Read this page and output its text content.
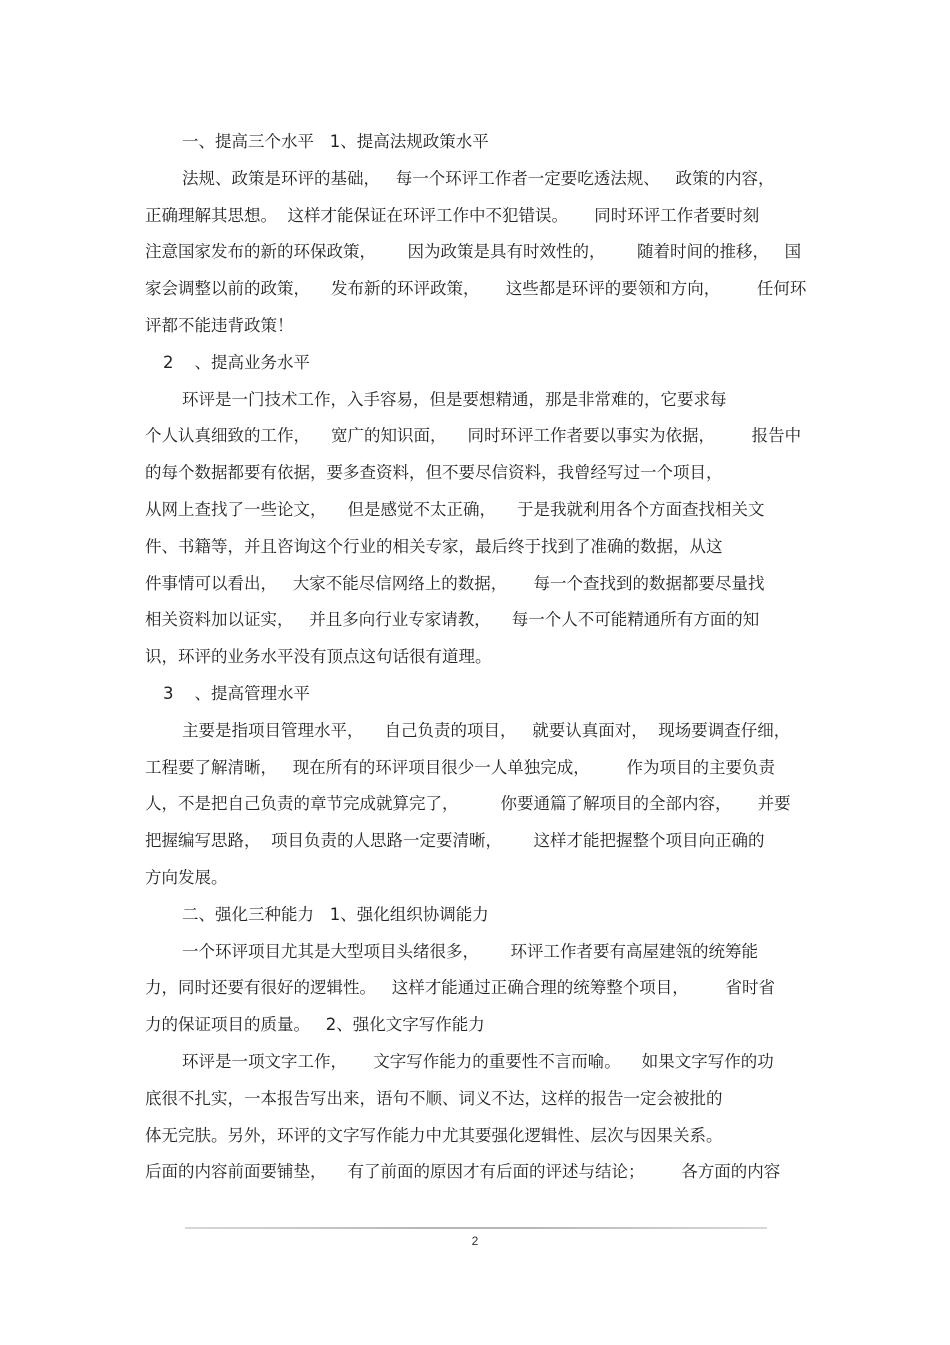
一、提高三个水平   1、提高法规政策水平
法规、政策是环评的基础，   每一个环评工作者一定要吃透法规、   政策的内容，
正确理解其思想。  这样才能保证在环评工作中不犯错误。     同时环评工作者要时刻
注意国家发布的新的环保政策，      因为政策是具有时效性的，      随着时间的推移，   国
家会调整以前的政策，    发布新的环评政策，     这些都是环评的要领和方向，       任何环
评都不能违背政策！
2    、提高业务水平
环评是一门技术工作，入手容易，但是要想精通，那是非常难的，它要求每
个人认真细致的工作，    宽广的知识面，    同时环评工作者要以事实为依据，       报告中
的每个数据都要有依据，要多查资料，但不要尽信资料，我曾经写过一个项目，
从网上查找了一些论文，    但是感觉不太正确，    于是我就利用各个方面查找相关文
件、书籍等，并且咨询这个行业的相关专家，最后终于找到了准确的数据，从这
件事情可以看出，   大家不能尽信网络上的数据，     每一个查找到的数据都要尽量找
相关资料加以证实，   并且多向行业专家请教，    每一个人不可能精通所有方面的知
识，环评的业务水平没有顶点这句话很有道理。
3    、提高管理水平
主要是指项目管理水平，    自己负责的项目，   就要认真面对，  现场要调查仔细，
工程要了解清晰，   现在所有的环评项目很少一人单独完成，       作为项目的主要负责
人，不是把自己负责的章节完成就算完了，        你要通篇了解项目的全部内容，     并要
把握编写思路，  项目负责的人思路一定要清晰，      这样才能把握整个项目向正确的
方向发展。
二、强化三种能力   1、强化组织协调能力
一个环评项目尤其是大型项目头绪很多，      环评工作者要有高屋建瓴的统筹能
力，同时还要有很好的逻辑性。   这样才能通过正确合理的统筹整个项目，       省时省
力的保证项目的质量。   2、强化文字写作能力
环评是一项文字工作，     文字写作能力的重要性不言而喻。    如果文字写作的功
底很不扎实，一本报告写出来，语句不顺、词义不达，这样的报告一定会被批的
体无完肤。另外，环评的文字写作能力中尤其要强化逻辑性、层次与因果关系。
后面的内容前面要铺垫，    有了前面的原因才有后面的评述与结论；       各方面的内容
2
